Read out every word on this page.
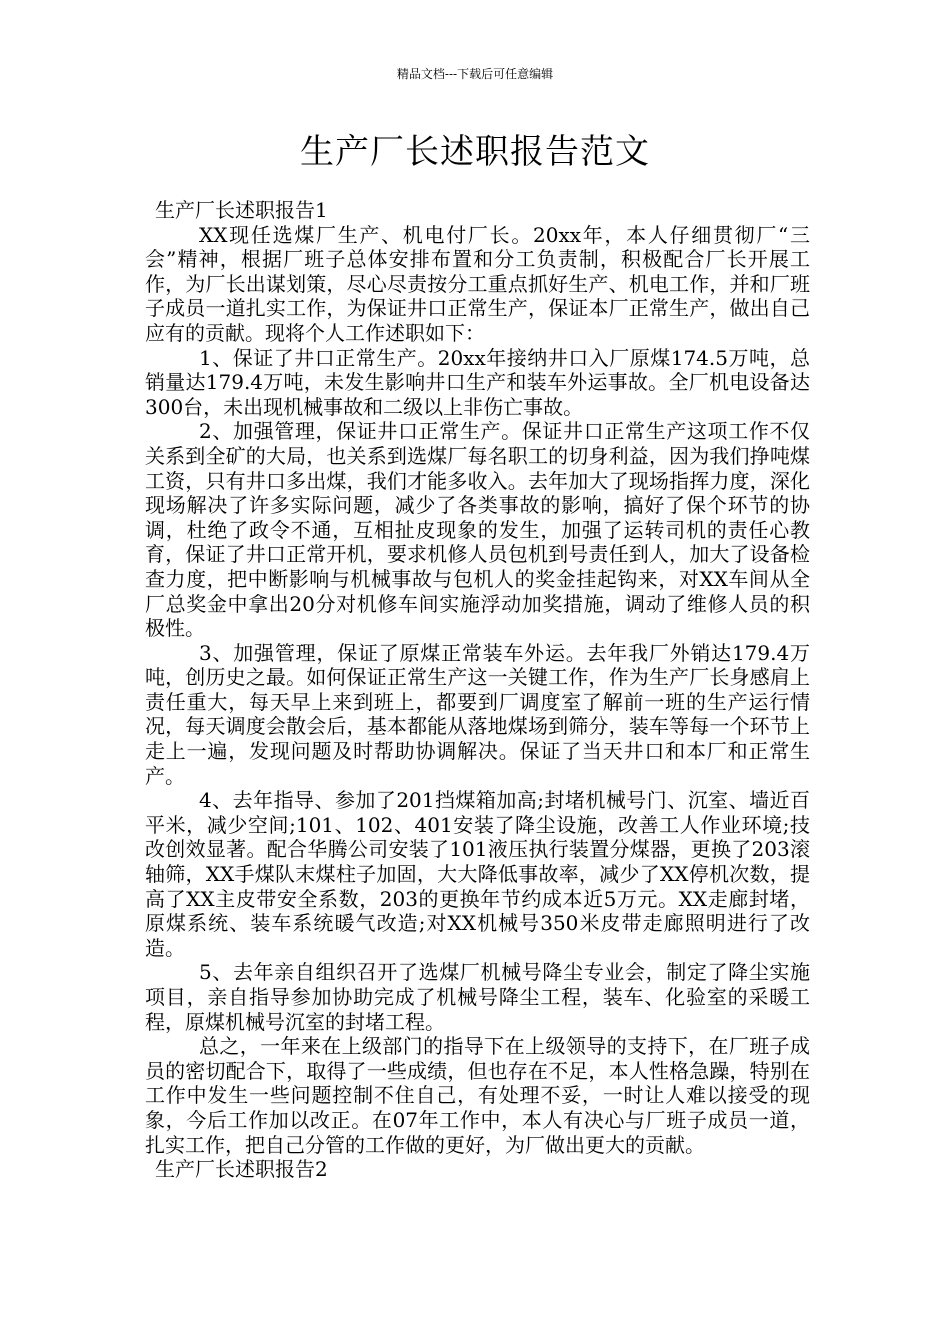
精品文档---下载后可任意编辑
生产厂长述职报告范文

生产厂长述职报告1

XX现任选煤厂生产、机电付厂长。20xx年，本人仔细贯彻厂“三会”精神，根据厂班子总体安排布置和分工负责制，积极配合厂长开展工作，为厂长出谋划策，尽心尽责按分工重点抓好生产、机电工作，并和厂班子成员一道扎实工作，为保证井口正常生产，保证本厂正常生产，做出自己应有的贡献。现将个人工作述职如下：

1、保证了井口正常生产。20xx年接纳井口入厂原煤174.5万吨，总销量达179.4万吨，未发生影响井口生产和装车外运事故。全厂机电设备达300台，未出现机械事故和二级以上非伤亡事故。

2、加强管理，保证井口正常生产。保证井口正常生产这项工作不仅关系到全矿的大局，也关系到选煤厂每名职工的切身利益，因为我们挣吨煤工资，只有井口多出煤，我们才能多收入。去年加大了现场指挥力度，深化现场解决了许多实际问题，减少了各类事故的影响，搞好了保个环节的协调，杜绝了政令不通，互相扯皮现象的发生，加强了运转司机的责任心教育，保证了井口正常开机，要求机修人员包机到号责任到人，加大了设备检查力度，把中断影响与机械事故与包机人的奖金挂起钩来，对XX车间从全厂总奖金中拿出20分对机修车间实施浮动加奖措施，调动了维修人员的积极性。

3、加强管理，保证了原煤正常装车外运。去年我厂外销达179.4万吨，创历史之最。如何保证正常生产这一关键工作，作为生产厂长身感肩上责任重大，每天早上来到班上，都要到厂调度室了解前一班的生产运行情况，每天调度会散会后，基本都能从落地煤场到筛分，装车等每一个环节上走上一遍，发现问题及时帮助协调解决。保证了当天井口和本厂和正常生产。

4、去年指导、参加了201挡煤箱加高;封堵机械号门、沉室、墙近百平米，减少空间;101、102、401安装了降尘设施，改善工人作业环境;技改创效显著。配合华腾公司安装了101液压执行装置分煤器，更换了203滚轴筛，XX手煤队末煤柱子加固，大大降低事故率，减少了XX停机次数，提高了XX主皮带安全系数，203的更换年节约成本近5万元。XX走廊封堵，原煤系统、装车系统暖气改造;对XX机械号350米皮带走廊照明进行了改造。

5、去年亲自组织召开了选煤厂机械号降尘专业会，制定了降尘实施项目，亲自指导参加协助完成了机械号降尘工程，装车、化验室的采暖工程，原煤机械号沉室的封堵工程。

总之，一年来在上级部门的指导下在上级领导的支持下，在厂班子成员的密切配合下，取得了一些成绩，但也存在不足，本人性格急躁，特别在工作中发生一些问题控制不住自己，有处理不妥，一时让人难以接受的现象，今后工作加以改正。在07年工作中，本人有决心与厂班子成员一道，扎实工作，把自己分管的工作做的更好，为厂做出更大的贡献。

生产厂长述职报告2
